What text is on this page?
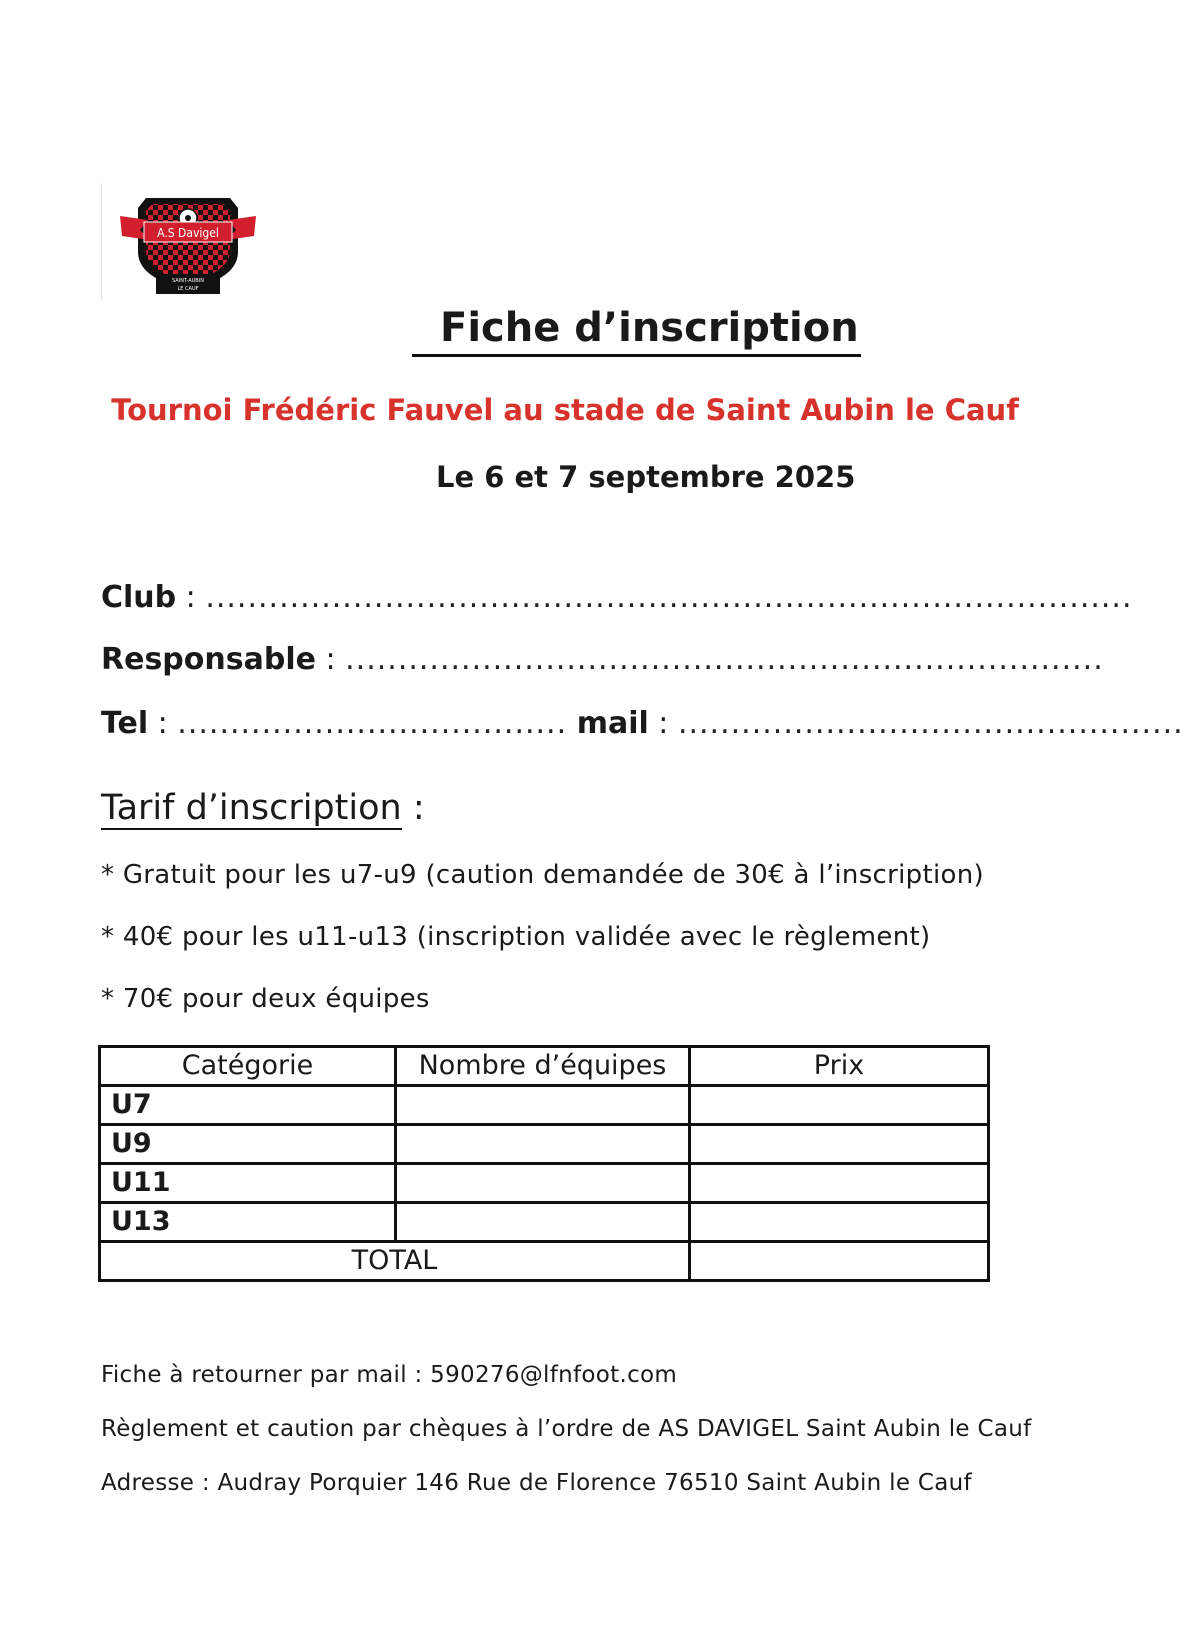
A.S Davigel
SAINT-AUBIN
LE CAUF
Fiche d’inscription
Tournoi Frédéric Fauvel au stade de Saint Aubin le Cauf
Le 6 et 7 septembre 2025
Club : ........................................................................................
Responsable : ........................................................................
Tel : ..................................... mail : ................................................
Tarif d’inscription :
* Gratuit pour les u7-u9 (caution demandée de 30€ à l’inscription)
* 40€ pour les u11-u13 (inscription validée avec le règlement)
* 70€ pour deux équipes
Catégorie	Nombre d’équipes	Prix
U7		
U9		
U11		
U13		
TOTAL		
Fiche à retourner par mail : 590276@lfnfoot.com
Règlement et caution par chèques à l’ordre de AS DAVIGEL Saint Aubin le Cauf
Adresse : Audray Porquier 146 Rue de Florence 76510 Saint Aubin le Cauf
